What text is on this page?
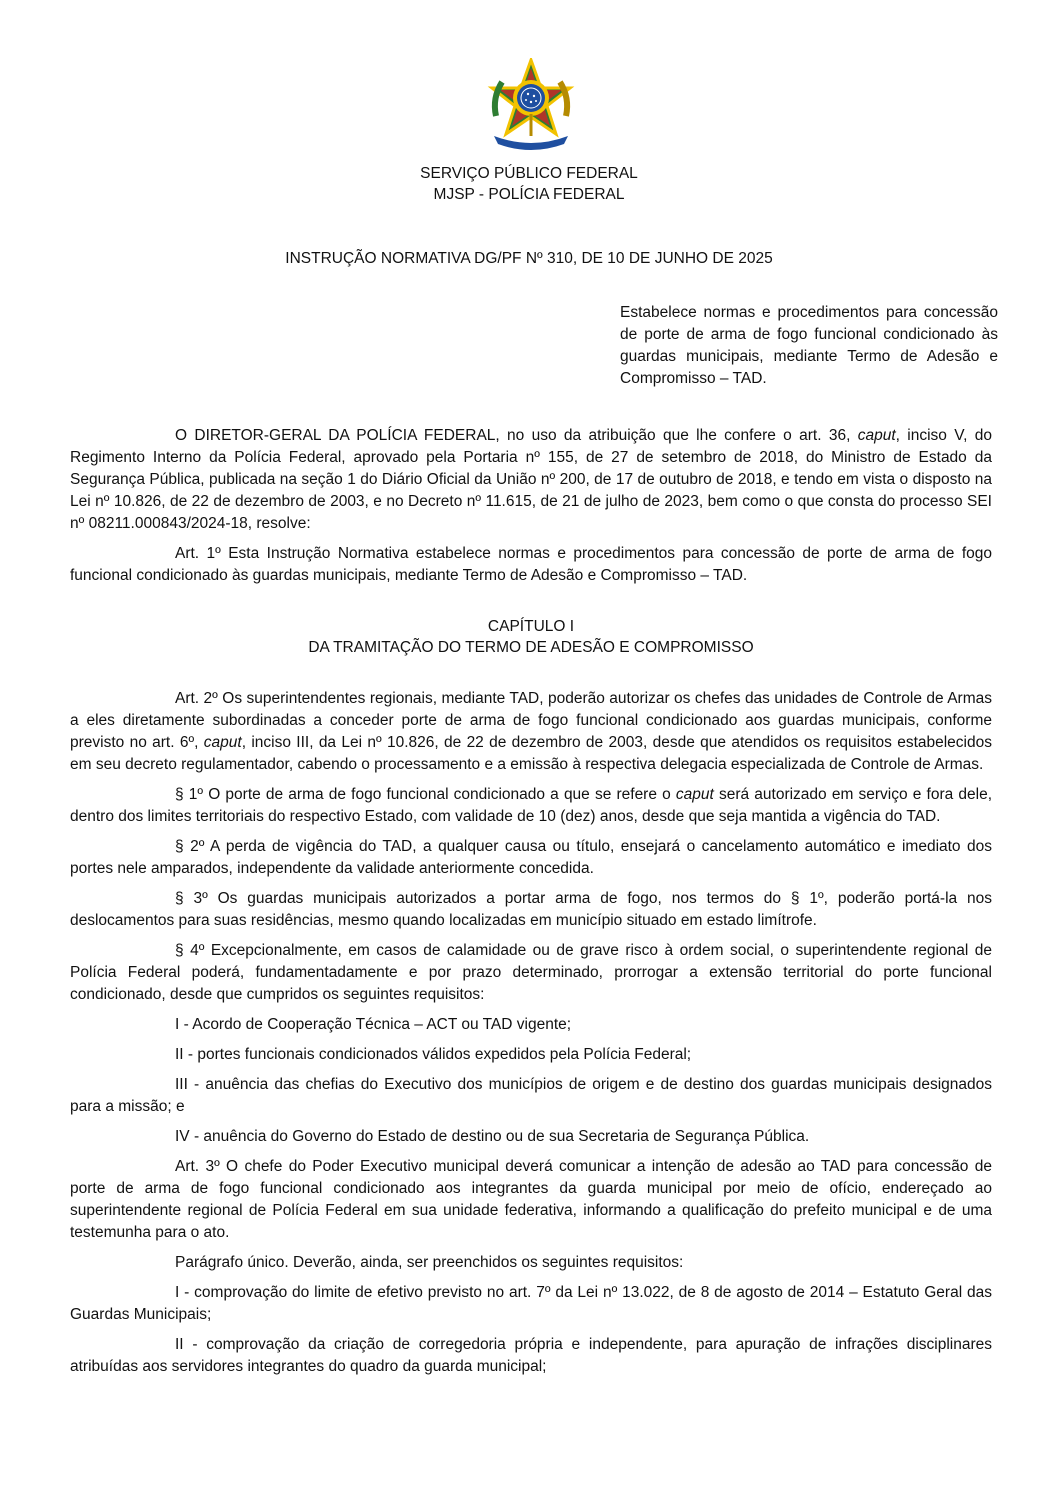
SERVIÇO PÚBLICO FEDERAL
MJSP - POLÍCIA FEDERAL
INSTRUÇÃO NORMATIVA DG/PF Nº 310, DE 10 DE JUNHO DE 2025
Estabelece normas e procedimentos para concessão de porte de arma de fogo funcional condicionado às guardas municipais, mediante Termo de Adesão e Compromisso – TAD.

O DIRETOR-GERAL DA POLÍCIA FEDERAL, no uso da atribuição que lhe confere o art. 36, caput, inciso V, do Regimento Interno da Polícia Federal, aprovado pela Portaria nº 155, de 27 de setembro de 2018, do Ministro de Estado da Segurança Pública, publicada na seção 1 do Diário Oficial da União nº 200, de 17 de outubro de 2018, e tendo em vista o disposto na Lei nº 10.826, de 22 de dezembro de 2003, e no Decreto nº 11.615, de 21 de julho de 2023, bem como o que consta do processo SEI nº 08211.000843/2024-18, resolve:

Art. 1º Esta Instrução Normativa estabelece normas e procedimentos para concessão de porte de arma de fogo funcional condicionado às guardas municipais, mediante Termo de Adesão e Compromisso – TAD.

CAPÍTULO I

DA TRAMITAÇÃO DO TERMO DE ADESÃO E COMPROMISSO

Art. 2º Os superintendentes regionais, mediante TAD, poderão autorizar os chefes das unidades de Controle de Armas a eles diretamente subordinadas a conceder porte de arma de fogo funcional condicionado aos guardas municipais, conforme previsto no art. 6º, caput, inciso III, da Lei nº 10.826, de 22 de dezembro de 2003, desde que atendidos os requisitos estabelecidos em seu decreto regulamentador, cabendo o processamento e a emissão à respectiva delegacia especializada de Controle de Armas.

§ 1º O porte de arma de fogo funcional condicionado a que se refere o caput será autorizado em serviço e fora dele, dentro dos limites territoriais do respectivo Estado, com validade de 10 (dez) anos, desde que seja mantida a vigência do TAD.

§ 2º A perda de vigência do TAD, a qualquer causa ou título, ensejará o cancelamento automático e imediato dos portes nele amparados, independente da validade anteriormente concedida.

§ 3º Os guardas municipais autorizados a portar arma de fogo, nos termos do § 1º, poderão portá-la nos deslocamentos para suas residências, mesmo quando localizadas em município situado em estado limítrofe.

§ 4º Excepcionalmente, em casos de calamidade ou de grave risco à ordem social, o superintendente regional de Polícia Federal poderá, fundamentadamente e por prazo determinado, prorrogar a extensão territorial do porte funcional condicionado, desde que cumpridos os seguintes requisitos:

I - Acordo de Cooperação Técnica – ACT ou TAD vigente;

II - portes funcionais condicionados válidos expedidos pela Polícia Federal;

III - anuência das chefias do Executivo dos municípios de origem e de destino dos guardas municipais designados para a missão; e

IV - anuência do Governo do Estado de destino ou de sua Secretaria de Segurança Pública.

Art. 3º O chefe do Poder Executivo municipal deverá comunicar a intenção de adesão ao TAD para concessão de porte de arma de fogo funcional condicionado aos integrantes da guarda municipal por meio de ofício, endereçado ao superintendente regional de Polícia Federal em sua unidade federativa, informando a qualificação do prefeito municipal e de uma testemunha para o ato.

Parágrafo único. Deverão, ainda, ser preenchidos os seguintes requisitos:

I - comprovação do limite de efetivo previsto no art. 7º da Lei nº 13.022, de 8 de agosto de 2014 – Estatuto Geral das Guardas Municipais;

II - comprovação da criação de corregedoria própria e independente, para apuração de infrações disciplinares atribuídas aos servidores integrantes do quadro da guarda municipal;
